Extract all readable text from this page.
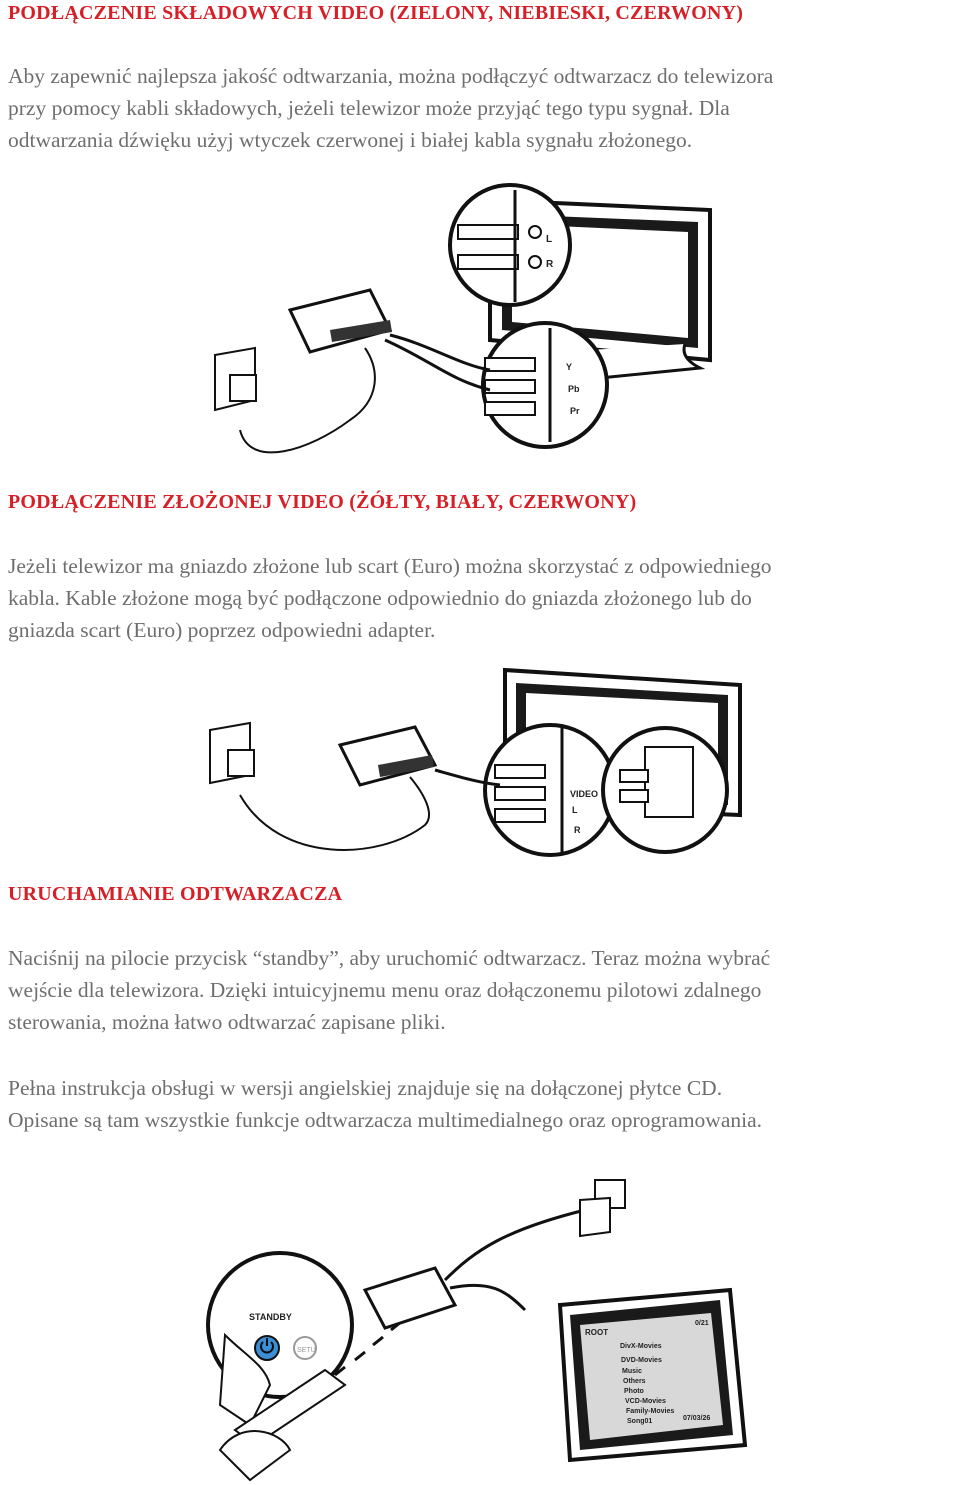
PODŁĄCZENIE SKŁADOWYCH VIDEO (ZIELONY, NIEBIESKI, CZERWONY)
Aby zapewnić najlepsza jakość odtwarzania, można podłączyć odtwarzacz do telewizora
przy pomocy kabli składowych, jeżeli telewizor może przyjąć tego typu sygnał. Dla
odtwarzania dźwięku użyj wtyczek czerwonej i białej kabla sygnału złożonego.
L
R
Y
Pb
Pr
PODŁĄCZENIE ZŁOŻONEJ VIDEO (ŻÓŁTY, BIAŁY, CZERWONY)
Jeżeli telewizor ma gniazdo złożone lub scart (Euro) można skorzystać z odpowiedniego
kabla. Kable złożone mogą być podłączone odpowiednio do gniazda złożonego lub do
gniazda scart (Euro) poprzez odpowiedni adapter.
VIDEO
L
R
URUCHAMIANIE ODTWARZACZA
Naciśnij na pilocie przycisk “standby”, aby uruchomić odtwarzacz. Teraz można wybrać
wejście dla telewizora. Dzięki intuicyjnemu menu oraz dołączonemu pilotowi zdalnego
sterowania, można łatwo odtwarzać zapisane pliki.
Pełna instrukcja obsługi w wersji angielskiej znajduje się na dołączonej płytce CD.
Opisane są tam wszystkie funkcje odtwarzacza multimedialnego oraz oprogramowania.
STANDBY
SETU
ROOT
0/21
DivX-Movies
DVD-Movies
Music
Others
Photo
VCD-Movies
Family-Movies
Song01	07/03/26
